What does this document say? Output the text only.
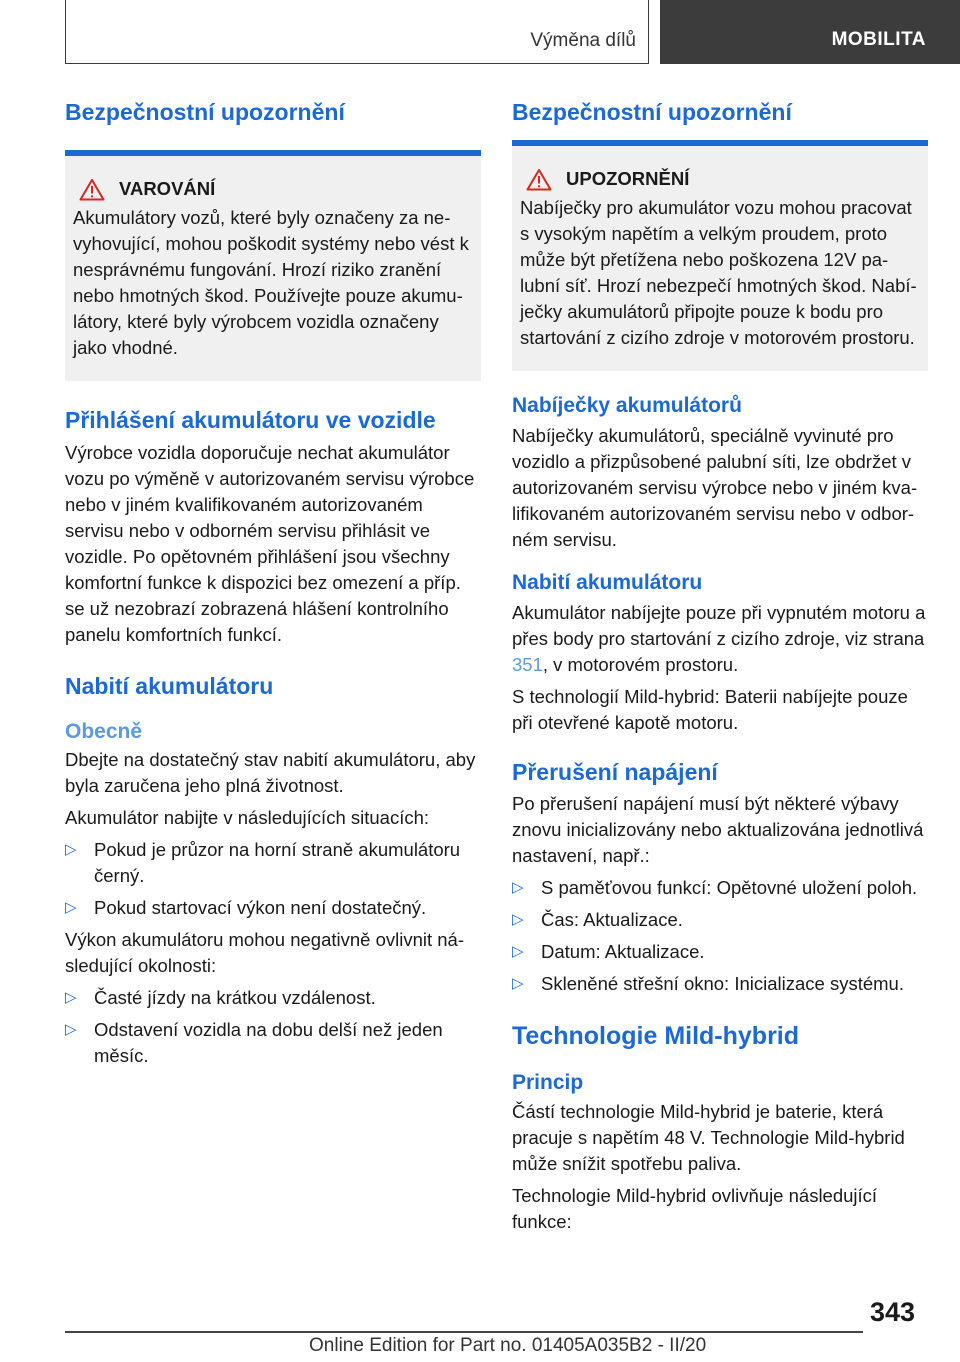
Výměna dílů	MOBILITA
Bezpečnostní upozornění
VAROVÁNÍ

Akumulátory vozů, které byly označeny za nevyhovující, mohou poškodit systémy nebo vést k nesprávnému fungování. Hrozí riziko zranění nebo hmotných škod. Používejte pouze akumulátory, které byly výrobcem vozidla označeny jako vhodné.

Přihlášení akumulátoru ve vozidle

Výrobce vozidla doporučuje nechat akumulátor vozu po výměně v autorizovaném servisu výrobce nebo v jiném kvalifikovaném autorizovaném servisu nebo v odborném servisu přihlásit ve vozidle. Po opětovném přihlášení jsou všechny komfortní funkce k dispozici bez omezení a příp. se už nezobrazí zobrazená hlášení kontrolního panelu komfortních funkcí.

Nabití akumulátoru
Obecně

Dbejte na dostatečný stav nabití akumulátoru, aby byla zaručena jeho plná životnost.

Akumulátor nabijte v následujících situacích:

▷ Pokud je průzor na horní straně akumulátoru černý.
▷ Pokud startovací výkon není dostatečný.

Výkon akumulátoru mohou negativně ovlivnit následující okolnosti:

▷ Časté jízdy na krátkou vzdálenost.
▷ Odstavení vozidla na dobu delší než jeden měsíc.
Bezpečnostní upozornění
UPOZORNĚNÍ

Nabíječky pro akumulátor vozu mohou pracovat s vysokým napětím a velkým proudem, proto může být přetížena nebo poškozena 12V palubní síť. Hrozí nebezpečí hmotných škod. Nabíječky akumulátorů připojte pouze k bodu pro startování z cizího zdroje v motorovém prostoru.

Nabíječky akumulátorů

Nabíječky akumulátorů, speciálně vyvinuté pro vozidlo a přizpůsobené palubní síti, lze obdržet v autorizovaném servisu výrobce nebo v jiném kvalifikovaném autorizovaném servisu nebo v odborném servisu.

Nabití akumulátoru

Akumulátor nabíjejte pouze při vypnutém motoru a přes body pro startování z cizího zdroje, viz strana 351, v motorovém prostoru.

S technologií Mild-hybrid: Baterii nabíjejte pouze při otevřené kapotě motoru.

Přerušení napájení

Po přerušení napájení musí být některé výbavy znovu inicializovány nebo aktualizována jednotlivá nastavení, např.:

▷ S paměťovou funkcí: Opětovné uložení poloh.
▷ Čas: Aktualizace.
▷ Datum: Aktualizace.
▷ Skleněné střešní okno: Inicializace systému.
Technologie Mild-hybrid
Princip

Částí technologie Mild-hybrid je baterie, která pracuje s napětím 48 V. Technologie Mild-hybrid může snížit spotřebu paliva.

Technologie Mild-hybrid ovlivňuje následující funkce:

343
Online Edition for Part no. 01405A035B2 - II/20
